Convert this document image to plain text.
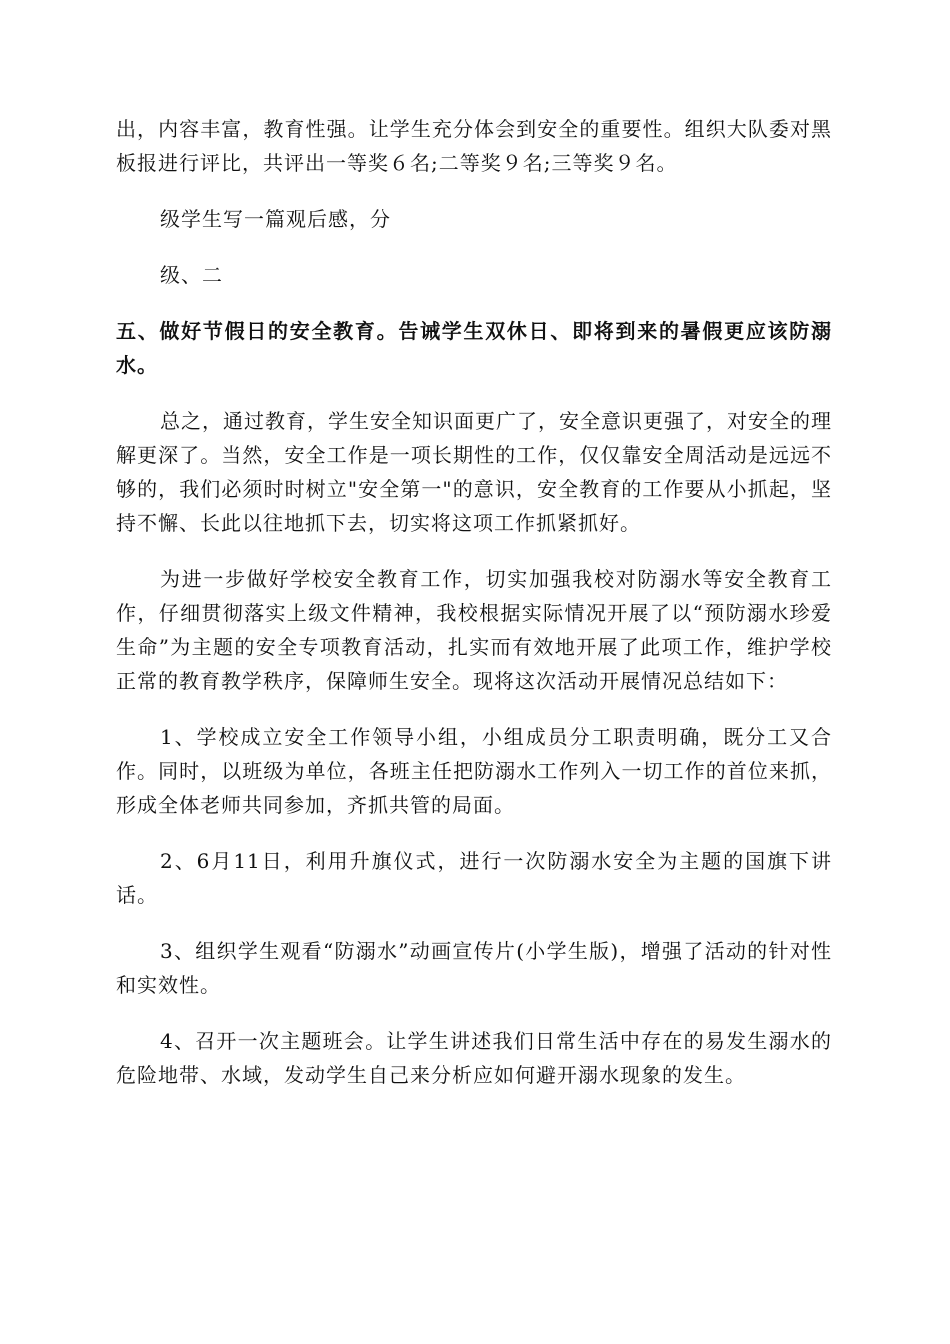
出，内容丰富，教育性强。让学生充分体会到安全的重要性。组织大队委对黑板报进行评比，共评出一等奖６名;二等奖９名;三等奖９名。

级学生写一篇观后感，分

级、二

五、做好节假日的安全教育。告诫学生双休日、即将到来的暑假更应该防溺水。

总之，通过教育，学生安全知识面更广了，安全意识更强了，对安全的理解更深了。当然，安全工作是一项长期性的工作，仅仅靠安全周活动是远远不够的，我们必须时时树立"安全第一"的意识，安全教育的工作要从小抓起，坚持不懈、长此以往地抓下去，切实将这项工作抓紧抓好。

为进一步做好学校安全教育工作，切实加强我校对防溺水等安全教育工作，仔细贯彻落实上级文件精神，我校根据实际情况开展了以“预防溺水珍爱生命”为主题的安全专项教育活动，扎实而有效地开展了此项工作，维护学校正常的教育教学秩序，保障师生安全。现将这次活动开展情况总结如下：

1、学校成立安全工作领导小组，小组成员分工职责明确，既分工又合作。同时，以班级为单位，各班主任把防溺水工作列入一切工作的首位来抓，形成全体老师共同参加，齐抓共管的局面。

2、6月11日，利用升旗仪式，进行一次防溺水安全为主题的国旗下讲话。

3、组织学生观看“防溺水”动画宣传片(小学生版)，增强了活动的针对性和实效性。

4、召开一次主题班会。让学生讲述我们日常生活中存在的易发生溺水的危险地带、水域，发动学生自己来分析应如何避开溺水现象的发生。
